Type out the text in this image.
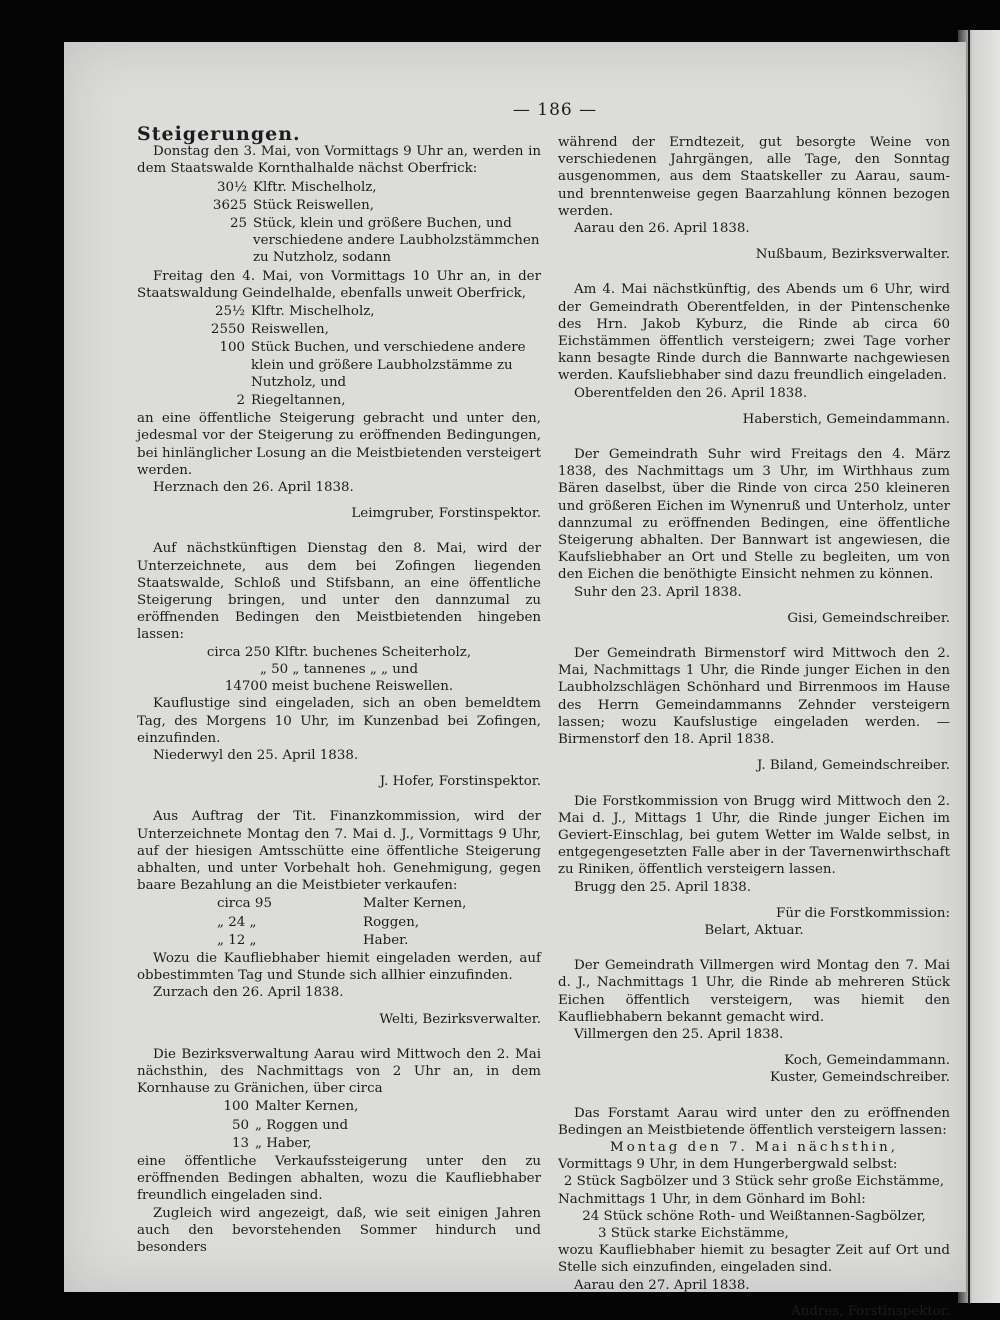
— 186 —

Steigerungen.

Donstag den 3. Mai, von Vormittags 9 Uhr an, werden in dem Staatswalde Kornthalhalde nächst Oberfrick:

30½ Klftr. Mischelholz,
3625 Stück Reiswellen,
25 Stück, klein und größere Buchen, und verschiedene andere Laubholzstämmchen zu Nutzholz, sodann

Freitag den 4. Mai, von Vormittags 10 Uhr an, in der Staatswaldung Geindelhalde, ebenfalls unweit Oberfrick,

25½ Klftr. Mischelholz,
2550 Reiswellen,
100 Stück Buchen, und verschiedene andere klein und größere Laubholzstämme zu Nutzholz, und
2 Riegeltannen,

an eine öffentliche Steigerung gebracht und unter den, jedesmal vor der Steigerung zu eröffnenden Bedingungen, bei hinlänglicher Losung an die Meistbietenden versteigert werden.

Herznach den 26. April 1838.

Leimgruber, Forstinspektor.

Auf nächstkünftigen Dienstag den 8. Mai, wird der Unterzeichnete, aus dem bei Zofingen liegenden Staatswalde, Schloß und Stifsbann, an eine öffentliche Steigerung bringen, und unter den dannzumal zu eröffnenden Bedingen den Meistbietenden hingeben lassen:

circa 250 Klftr. buchenes Scheiterholz,

„ 50 „ tannenes „ „ und

14700 meist buchene Reiswellen.

Kauflustige sind eingeladen, sich an oben bemeldtem Tag, des Morgens 10 Uhr, im Kunzenbad bei Zofingen, einzufinden.

Niederwyl den 25. April 1838.

J. Hofer, Forstinspektor.

Aus Auftrag der Tit. Finanzkommission, wird der Unterzeichnete Montag den 7. Mai d. J., Vormittags 9 Uhr, auf der hiesigen Amtsschütte eine öffentliche Steigerung abhalten, und unter Vorbehalt hoh. Genehmigung, gegen baare Bezahlung an die Meistbieter verkaufen:

circa 95	Malter Kernen,
„ 24 „	Roggen,
„ 12 „	Haber.

Wozu die Kaufliebhaber hiemit eingeladen werden, auf obbestimmten Tag und Stunde sich allhier einzufinden.

Zurzach den 26. April 1838.

Welti, Bezirksverwalter.

Die Bezirksverwaltung Aarau wird Mittwoch den 2. Mai nächsthin, des Nachmittags von 2 Uhr an, in dem Kornhause zu Gränichen, über circa

100 Malter Kernen,
50 „ Roggen und
13 „ Haber,

eine öffentliche Verkaufssteigerung unter den zu eröffnenden Bedingen abhalten, wozu die Kaufliebhaber freundlich eingeladen sind.

Zugleich wird angezeigt, daß, wie seit einigen Jahren auch den bevorstehenden Sommer hindurch und besonders

während der Erndtezeit, gut besorgte Weine von verschiedenen Jahrgängen, alle Tage, den Sonntag ausgenommen, aus dem Staatskeller zu Aarau, saum- und brenntenweise gegen Baarzahlung können bezogen werden.

Aarau den 26. April 1838.

Nußbaum, Bezirksverwalter.

Am 4. Mai nächstkünftig, des Abends um 6 Uhr, wird der Gemeindrath Oberentfelden, in der Pintenschenke des Hrn. Jakob Kyburz, die Rinde ab circa 60 Eichstämmen öffentlich versteigern; zwei Tage vorher kann besagte Rinde durch die Bannwarte nachgewiesen werden. Kaufsliebhaber sind dazu freundlich eingeladen.

Oberentfelden den 26. April 1838.

Haberstich, Gemeindammann.

Der Gemeindrath Suhr wird Freitags den 4. März 1838, des Nachmittags um 3 Uhr, im Wirthhaus zum Bären daselbst, über die Rinde von circa 250 kleineren und größeren Eichen im Wynenruß und Unterholz, unter dannzumal zu eröffnenden Bedingen, eine öffentliche Steigerung abhalten. Der Bannwart ist angewiesen, die Kaufsliebhaber an Ort und Stelle zu begleiten, um von den Eichen die benöthigte Einsicht nehmen zu können.

Suhr den 23. April 1838.

Gisi, Gemeindschreiber.

Der Gemeindrath Birmenstorf wird Mittwoch den 2. Mai, Nachmittags 1 Uhr, die Rinde junger Eichen in den Laubholzschlägen Schönhard und Birrenmoos im Hause des Herrn Gemeindammanns Zehnder versteigern lassen; wozu Kaufslustige eingeladen werden. — Birmenstorf den 18. April 1838.

J. Biland, Gemeindschreiber.

Die Forstkommission von Brugg wird Mittwoch den 2. Mai d. J., Mittags 1 Uhr, die Rinde junger Eichen im Geviert-Einschlag, bei gutem Wetter im Walde selbst, in entgegengesetzten Falle aber in der Tavernenwirthschaft zu Riniken, öffentlich versteigern lassen.

Brugg den 25. April 1838.

Für die Forstkommission:

Belart, Aktuar.

Der Gemeindrath Villmergen wird Montag den 7. Mai d. J., Nachmittags 1 Uhr, die Rinde ab mehreren Stück Eichen öffentlich versteigern, was hiemit den Kaufliebhabern bekannt gemacht wird.

Villmergen den 25. April 1838.

Koch, Gemeindammann.

Kuster, Gemeindschreiber.

Das Forstamt Aarau wird unter den zu eröffnenden Bedingen an Meistbietende öffentlich versteigern lassen:

Montag den 7. Mai nächsthin,

Vormittags 9 Uhr, in dem Hungerbergwald selbst:

2 Stück Sagbölzer und 3 Stück sehr große Eichstämme,

Nachmittags 1 Uhr, in dem Gönhard im Bohl:

24 Stück schöne Roth- und Weißtannen-Sagbölzer,

3 Stück starke Eichstämme,

wozu Kaufliebhaber hiemit zu besagter Zeit auf Ort und Stelle sich einzufinden, eingeladen sind.

Aarau den 27. April 1838.

Andres, Forstinspektor.
